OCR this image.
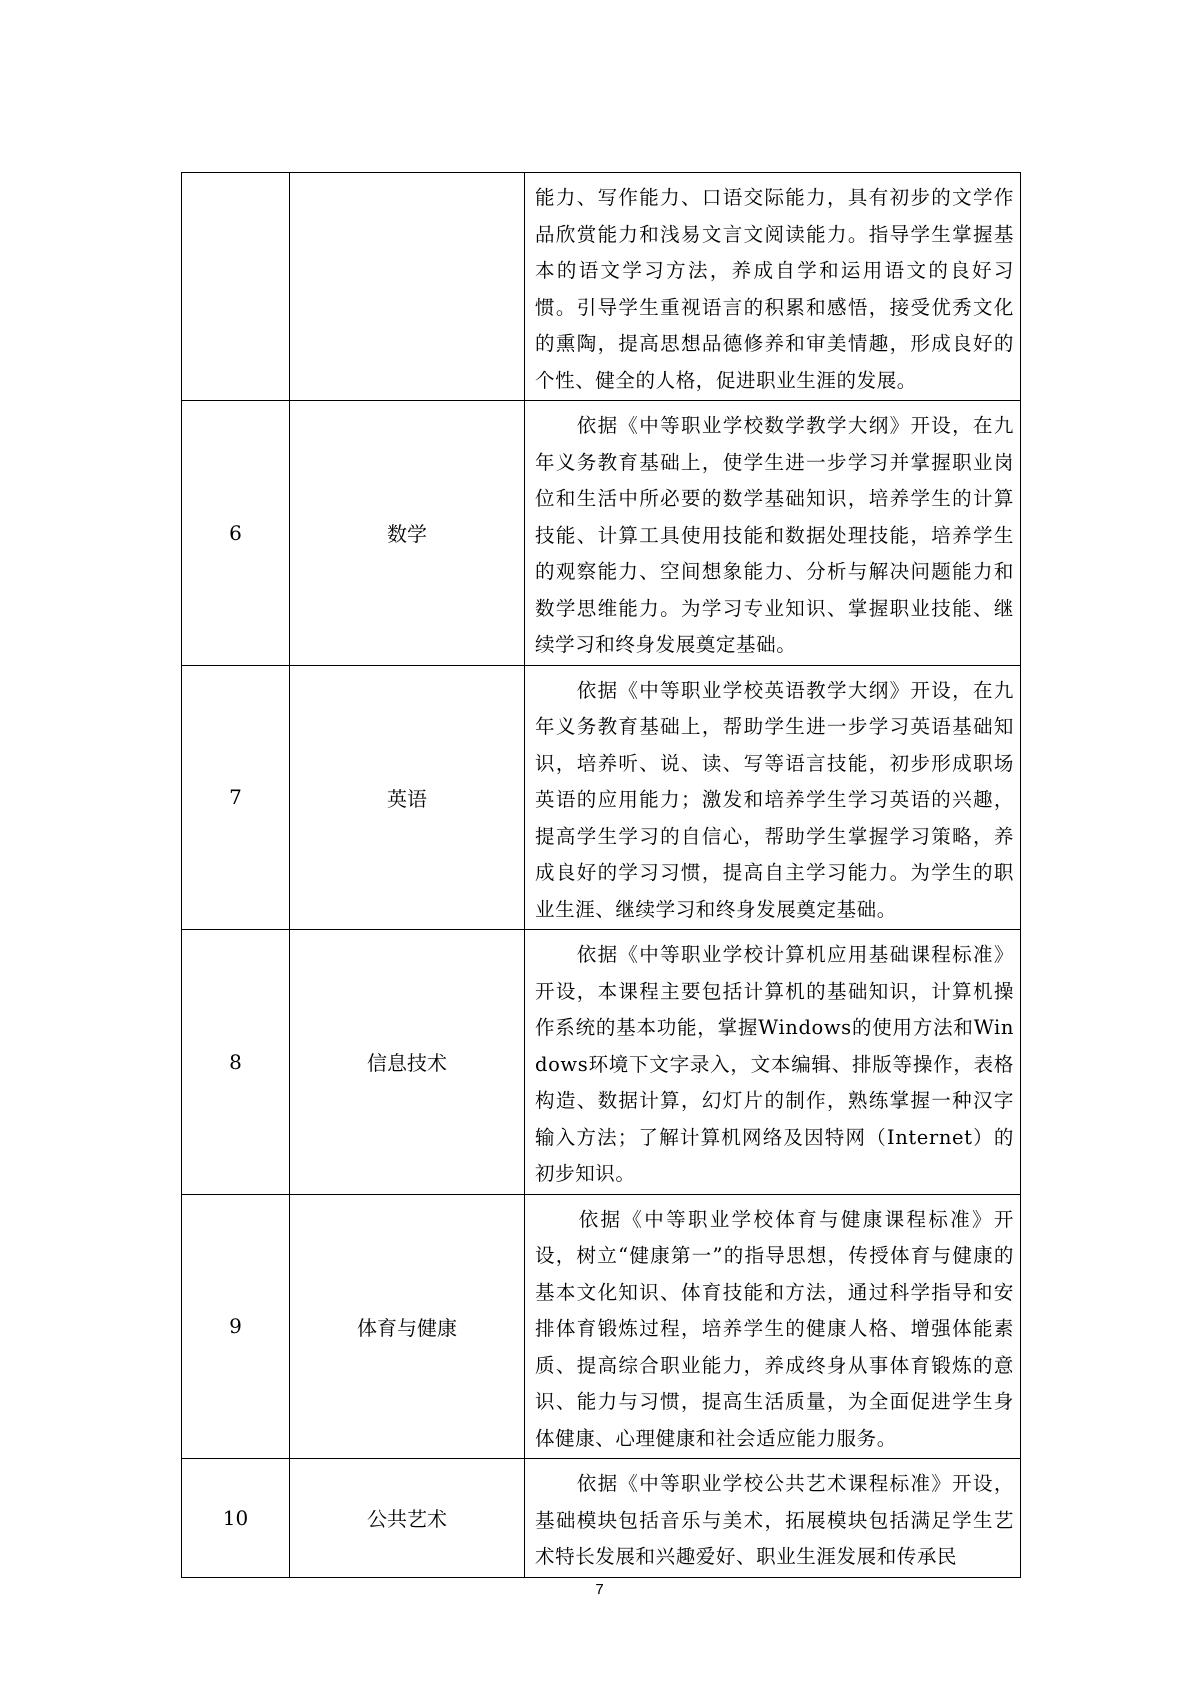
		能力、写作能力、口语交际能力，具有初步的文学作品欣赏能力和浅易文言文阅读能力。指导学生掌握基本的语文学习方法，养成自学和运用语文的良好习惯。引导学生重视语言的积累和感悟，接受优秀文化的熏陶，提高思想品德修养和审美情趣，形成良好的个性、健全的人格，促进职业生涯的发展。

6	数学	　　依据《中等职业学校数学教学大纲》开设，在九年义务教育基础上，使学生进一步学习并掌握职业岗位和生活中所必要的数学基础知识，培养学生的计算技能、计算工具使用技能和数据处理技能，培养学生的观察能力、空间想象能力、分析与解决问题能力和数学思维能力。为学习专业知识、掌握职业技能、继续学习和终身发展奠定基础。

7	英语	　　依据《中等职业学校英语教学大纲》开设，在九年义务教育基础上，帮助学生进一步学习英语基础知识，培养听、说、读、写等语言技能，初步形成职场英语的应用能力；激发和培养学生学习英语的兴趣，提高学生学习的自信心，帮助学生掌握学习策略，养成良好的学习习惯，提高自主学习能力。为学生的职业生涯、继续学习和终身发展奠定基础。

8	信息技术	　　依据《中等职业学校计算机应用基础课程标准》开设，本课程主要包括计算机的基础知识，计算机操作系统的基本功能，掌握Windows的使用方法和Windows环境下文字录入，文本编辑、排版等操作，表格构造、数据计算，幻灯片的制作，熟练掌握一种汉字输入方法；了解计算机网络及因特网（Internet）的初步知识。

9	体育与健康	　　依据《中等职业学校体育与健康课程标准》开设，树立“健康第一”的指导思想，传授体育与健康的基本文化知识、体育技能和方法，通过科学指导和安排体育锻炼过程，培养学生的健康人格、增强体能素质、提高综合职业能力，养成终身从事体育锻炼的意识、能力与习惯，提高生活质量，为全面促进学生身体健康、心理健康和社会适应能力服务。

10	公共艺术	　　依据《中等职业学校公共艺术课程标准》开设，基础模块包括音乐与美术，拓展模块包括满足学生艺术特长发展和兴趣爱好、职业生涯发展和传承民
7
